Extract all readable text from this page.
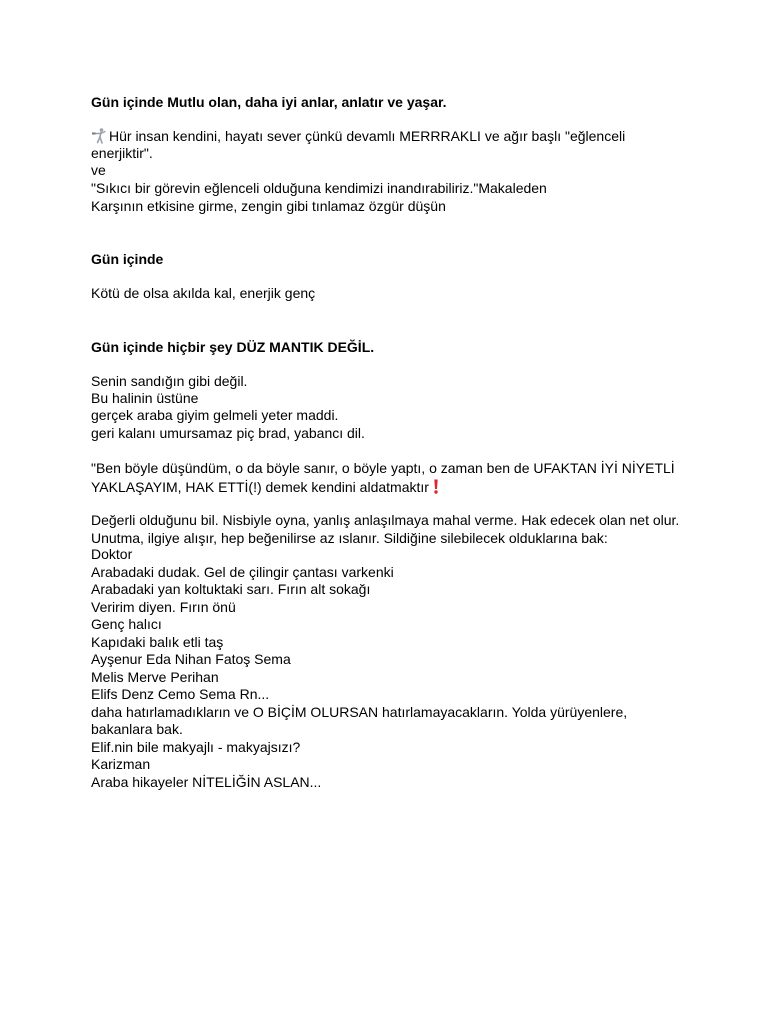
Gün içinde Mutlu olan, daha iyi anlar, anlatır ve yaşar.
Hür insan kendini, hayatı sever çünkü devamlı MERRRAKLI ve ağır başlı "eğlenceli
enerjiktir".
ve
"Sıkıcı bir görevin eğlenceli olduğuna kendimizi inandırabiliriz."Makaleden
Karşının etkisine girme, zengin gibi tınlamaz özgür düşün
Gün içinde
Kötü de olsa akılda kal, enerjik genç
Gün içinde hiçbir şey DÜZ MANTIK DEĞİL.
Senin sandığın gibi değil.
Bu halinin üstüne
gerçek araba giyim gelmeli yeter maddi.
geri kalanı umursamaz piç brad, yabancı dil.
"Ben böyle düşündüm, o da böyle sanır, o böyle yaptı, o zaman ben de UFAKTAN İYİ NİYETLİ
YAKLAŞAYIM, HAK ETTİ(!) demek kendini aldatmaktır
Değerli olduğunu bil. Nisbiyle oyna, yanlış anlaşılmaya mahal verme. Hak edecek olan net olur.
Unutma, ilgiye alışır, hep beğenilirse az ıslanır. Sildiğine silebilecek olduklarına bak:
Doktor
Arabadaki dudak. Gel de çilingir çantası varkenki
Arabadaki yan koltuktaki sarı. Fırın alt sokağı
Veririm diyen. Fırın önü
Genç halıcı
Kapıdaki balık etli taş
Ayşenur Eda Nihan Fatoş Sema
Melis Merve Perihan
Elifs Denz Cemo Sema Rn...
daha hatırlamadıkların ve O BİÇİM OLURSAN hatırlamayacakların. Yolda yürüyenlere,
bakanlara bak.
Elif.nin bile makyajlı - makyajsızı?
Karizman
Araba hikayeler NİTELİĞİN ASLAN...
